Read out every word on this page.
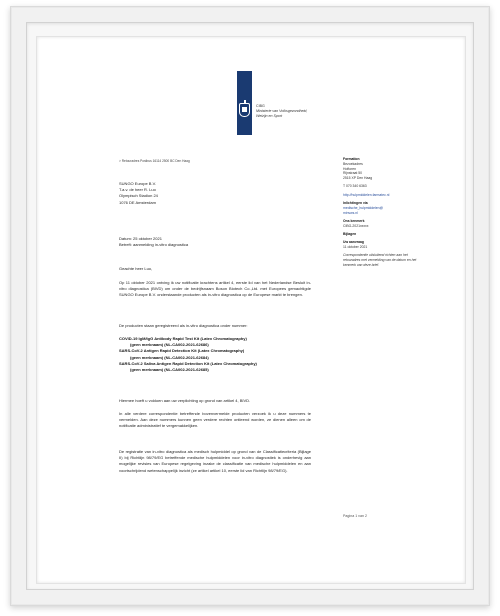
CIBG
Ministerie van Volksgezondheid,
Welzijn en Sport
> Retouradres Postbus 16114 2500 BC Den Haag
SUNGO Europe B.V.
T.a.v. de heer R. Luo
Olympisch Stadion 24
1076 DE Amsterdam
Datum: 25 oktober 2021
Betreft: aanmelding in-vitro diagnostica
Geachte heer Luo,
Op 11 oktober 2021 ontving ik uw notificatie krachtens artikel 4, eerste lid van het Nederlandse Besluit in-vitro diagnostica (BIVD) om onder de bedrijfsnaam Boson Biotech Co.,Ltd. met Europees gemachtigde SUNGO Europe B.V. onderstaande producten als in-vitro diagnostica op de Europese markt te brengen.
De producten staan geregistreerd als in-vitro diagnostica onder nummer:
COVID-19 IgM/IgG Antibody Rapid Test Kit (Latex Chromatography)
(geen merknaam) (NL-CA002-2021-62686)
SARS-CoV-2 Antigen Rapid Detection Kit (Latex Chromatography)
(geen merknaam) (NL-CA002-2021-62684)
SARS-CoV-2 Saliva Antigen Rapid Detection Kit (Latex Chromatography)
(geen merknaam) (NL-CA002-2021-62685)
Hiermee hoeft u voldoen aan uw verplichting op grond van artikel 4, BIVD.
In alle verdere correspondentie betreffende bovenvermelde producten verzoek ik u deze nummers te vermelden. Aan deze nummers kunnen geen verdere rechten ontleend worden, ze dienen alleen om de notificatie administratief te vergemakkelijken.
De registratie van in-vitro diagnostica als medisch hulpmiddel op grond van de Classificatiecriteria (Bijlage II) bij Richtlijn 98/79/EG betreffende medische hulpmiddelen voor in-vitro diagnostiek is onderhevig aan mogelijke revisies van Europese regelgeving inzake de classificatie van medische hulpmiddelen en aan voortschrijdend wetenschappelijk inzicht (ze artikel artikel 10, eerste lid van Richtlijn 98/79/EG).
Pagina 1 van 2
Formation
Bezoekadres
Hoftoren
Rijnstraat 50
2515 XP Den Haag
T 070 340 6363
http://hulpmiddelen.farmatec.nl
Inlichtingen via
medische_hulpmiddelen@
minvws.nl
Ons kenmerk
CIBG-2021xxxxx
Bijlagen
Uw aanvraag
11 oktober 2021
Correspondentie uitsluitend richten aan het retouradres met vermelding van de datum en het kenmerk van deze brief.
